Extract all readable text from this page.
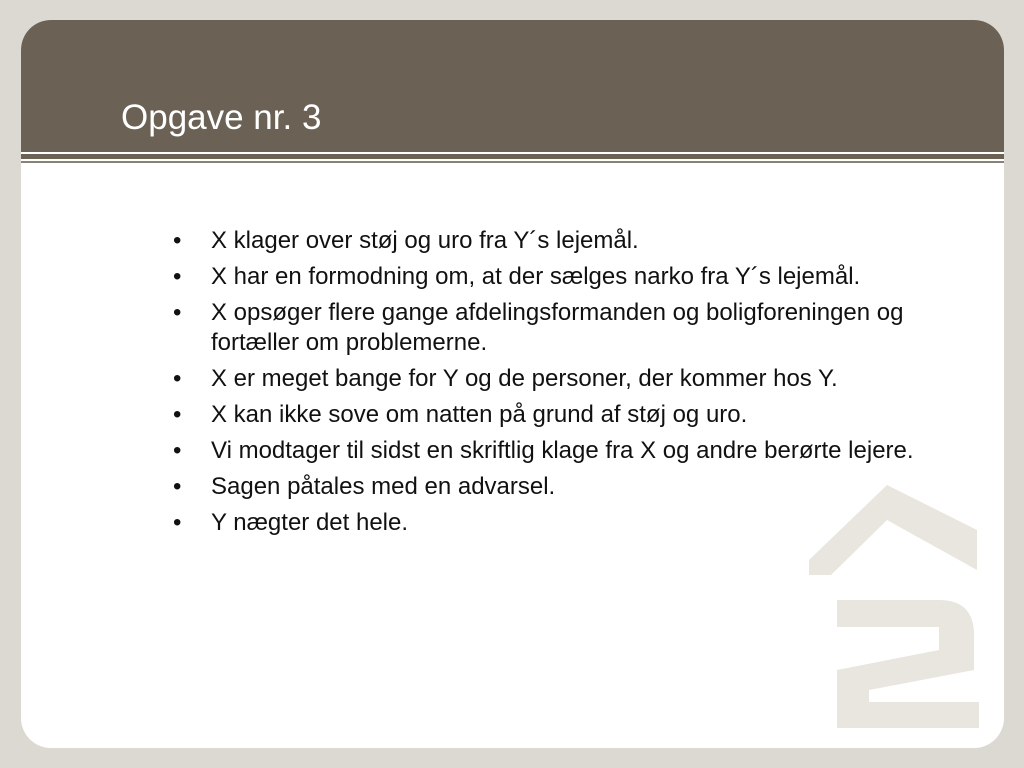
Opgave nr. 3
• X klager over støj og uro fra Y´s lejemål.
• X har en formodning om, at der sælges narko fra Y´s lejemål.
• X opsøger flere gange afdelingsformanden og boligforeningen og fortæller om problemerne.
• X er meget bange for Y og de personer, der kommer hos Y.
• X kan ikke sove om natten på grund af støj og uro.
• Vi modtager til sidst en skriftlig klage fra X og andre berørte lejere.
• Sagen påtales med en advarsel.
• Y nægter det hele.
